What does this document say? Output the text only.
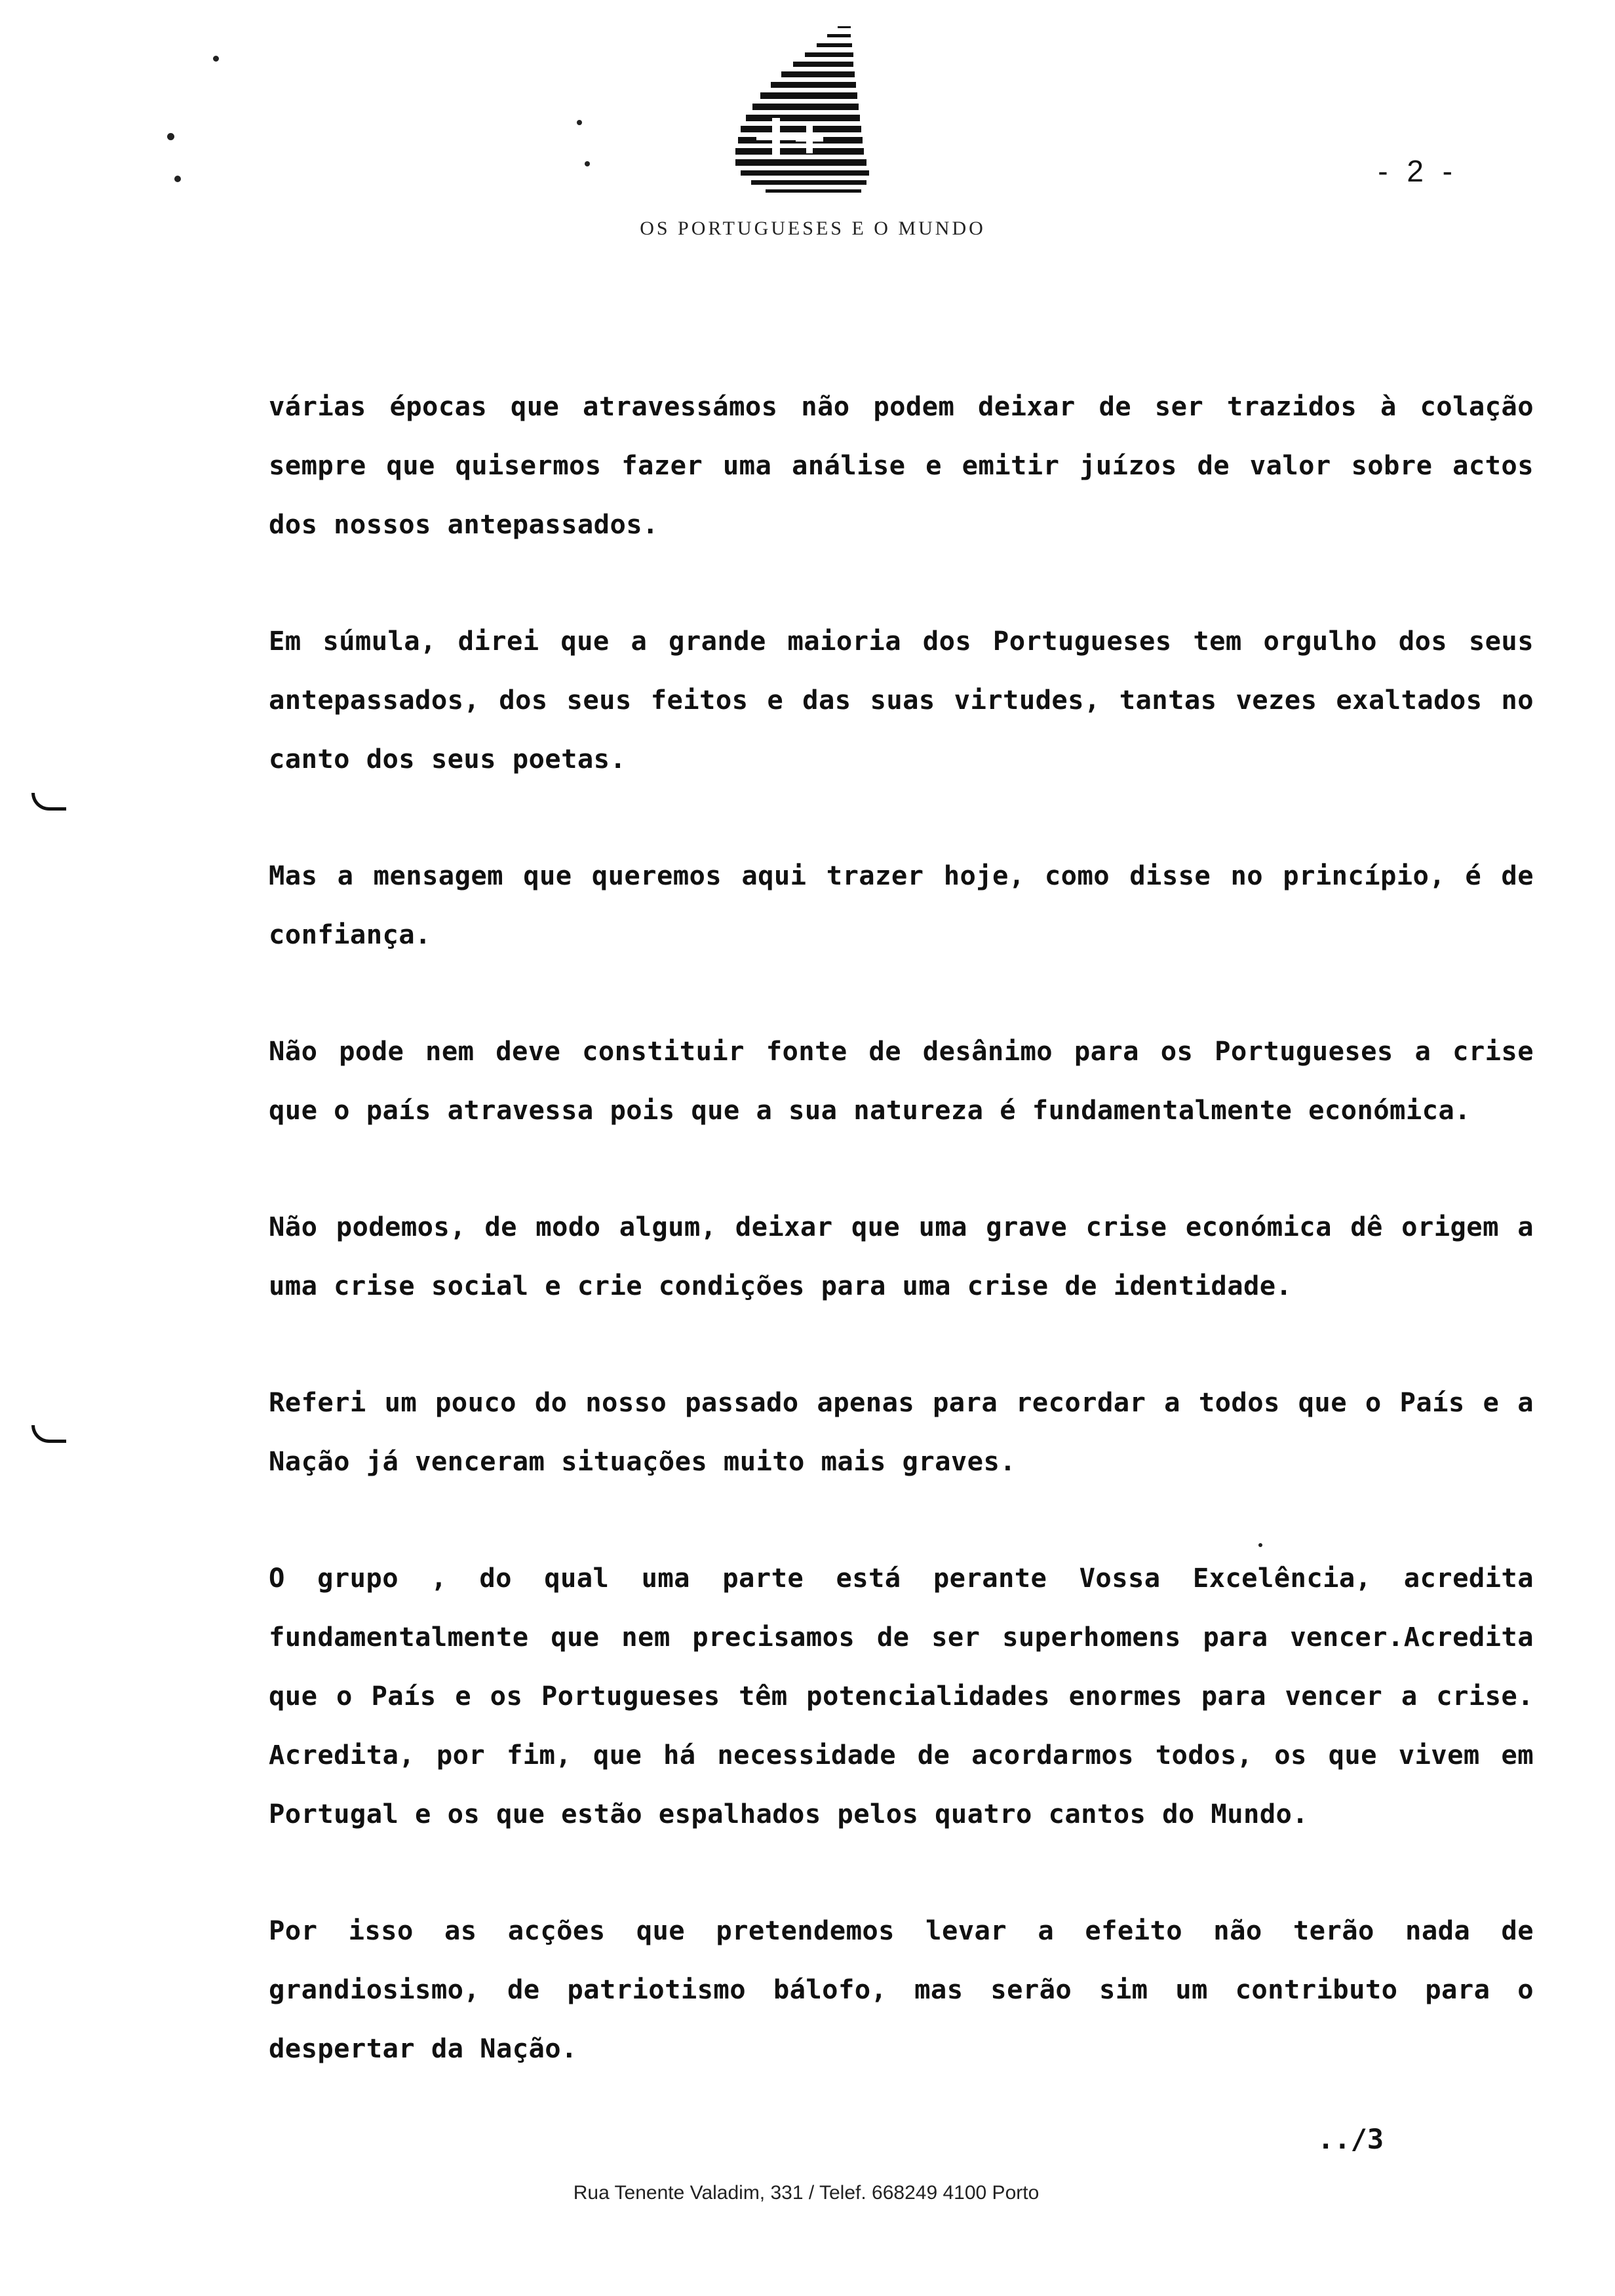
OS PORTUGUESES E O MUNDO
- 2 -

várias épocas que atravessámos não podem deixar de ser trazidos à colação sempre que quisermos fazer uma análise e emitir juízos de valor sobre actos dos nossos antepassados.

Em súmula, direi que a grande maioria dos Portugueses tem orgulho dos seus antepassados, dos seus feitos e das suas virtudes, tantas vezes exaltados no canto dos seus poetas.

Mas a mensagem que queremos aqui trazer hoje, como disse no princípio, é de confiança.

Não pode nem deve constituir fonte de desânimo para os Portugueses a crise que o país atravessa pois que a sua natureza é fundamentalmente económica.

Não podemos, de modo algum, deixar que uma grave crise económica dê origem a uma crise social e crie condições para uma crise de identidade.

Referi um pouco do nosso passado apenas para recordar a todos que o País e a Nação já venceram situações muito mais graves.

O grupo , do qual uma parte está perante Vossa Excelência, acredita fundamentalmente que nem precisamos de ser superhomens para vencer.Acredita que o País e os Portugueses têm potencialidades enormes para vencer a crise. Acredita, por fim, que há necessidade de acordarmos todos, os que vivem em Portugal e os que estão espalhados pelos quatro cantos do Mundo.

Por isso as acções que pretendemos levar a efeito não terão nada de grandiosismo, de patriotismo bálofo, mas serão sim um contributo para o despertar da Nação.

../3
Rua Tenente Valadim, 331 / Telef. 668249 4100 Porto
